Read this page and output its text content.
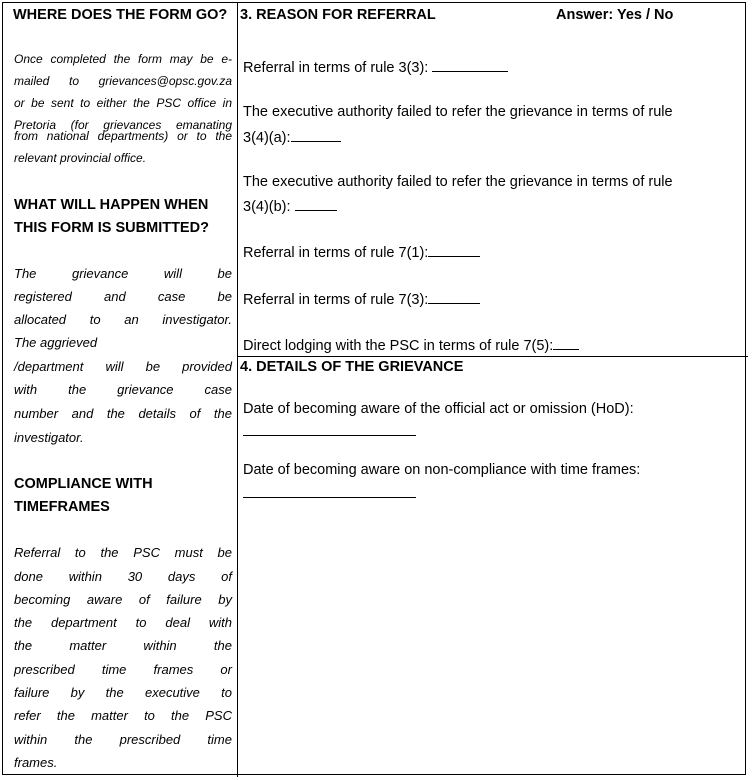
WHERE DOES THE FORM GO?
Once completed the form may be e-
mailed to grievances@opsc.gov.za
or be sent to either the PSC office in
Pretoria (for grievances emanating
from national departments) or to the
relevant provincial office.
WHAT WILL HAPPEN WHEN
THIS FORM IS SUBMITTED?
The grievance will be
registered and case be
allocated to an investigator.
The aggrieved
/department will be provided
with the grievance case
number and the details of the
investigator.
COMPLIANCE WITH
TIMEFRAMES
Referral to the PSC must be
done within 30 days of
becoming aware of failure by
the department to deal with
the matter within the
prescribed time frames or
failure by the executive to
refer the matter to the PSC
within the prescribed time
frames.
3. REASON FOR REFERRAL	Answer: Yes / No
Referral in terms of rule 3(3):
The executive authority failed to refer the grievance in terms of rule
3(4)(a):
The executive authority failed to refer the grievance in terms of rule
3(4)(b):
Referral in terms of rule 7(1):
Referral in terms of rule 7(3):
Direct lodging with the PSC in terms of rule 7(5):
4. DETAILS OF THE GRIEVANCE
Date of becoming aware of the official act or omission (HoD):
Date of becoming aware on non-compliance with time frames:
